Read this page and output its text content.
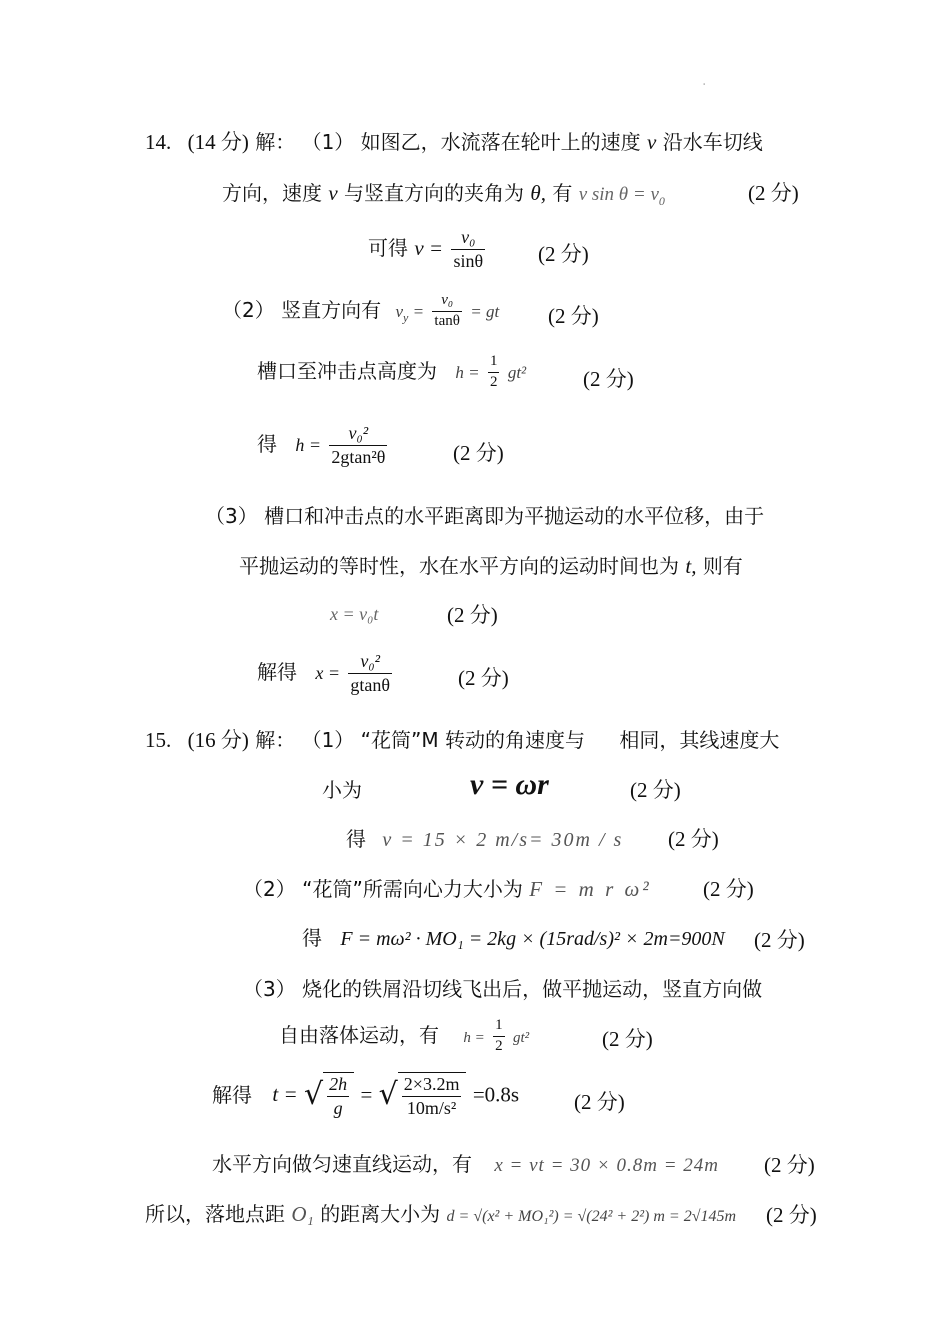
·
14. (14 分) 解： （1） 如图乙，水流落在轮叶上的速度 v 沿水车切线
方向，速度 v 与竖直方向的夹角为 θ, 有 v $\sin \theta = v_0$	(2 分)
可得 $v = \frac{\text{v₀}}{\sin\theta}$	(2 分)
（2） 竖直方向有 $v_y = \frac{\text{v₀}}{\tan\theta}$ = gt (2 分)
槽口至冲击点高度为 $h = \frac{1}{2} gt^2$	(2 分)
得 $h = \frac{\text{v₀²}}{\text{2gtan²θ}}$	(2 分)
（3） 槽口和冲击点的水平距离即为平抛运动的水平位移，由于
平抛运动的等时性，水在水平方向的运动时间也为 t, 则有
x = v₀t	(2 分)
解得 $x = \frac{\text{v₀²}}{gtan\theta}$	(2 分)
15. (16 分) 解： （1） “花筒”M 转动的角速度与 相同，其线速度大
小为	v = ωr	(2 分)
得 v = 15 × 2 m/s= 30m / s (2 分)
（2） “花筒”所需向心力大小为 F = m r ω² (2 分)
得 F = mω² · MO₁ = 2kg × (15rad/s)² × 2m=900N (2 分)
（3） 烧化的铁屑沿切线飞出后，做平抛运动，竖直方向做
自由落体运动，有 $h = \frac{1}{2} gt^2$	(2 分)
解得 t = √ $\frac{2h}{g}$ = √ $\frac{2\times 3.2m}{\text{10m/s²}} =0.8s$	(2 分)
水平方向做匀速直线运动，有 x = vt = 30 × 0.8m = 24m (2 分)
所以，落地点距 O₁ 的距离大小为 d = √(x² + MO₁²) = √(24² + 2²) m = 2√145m (2 分)
